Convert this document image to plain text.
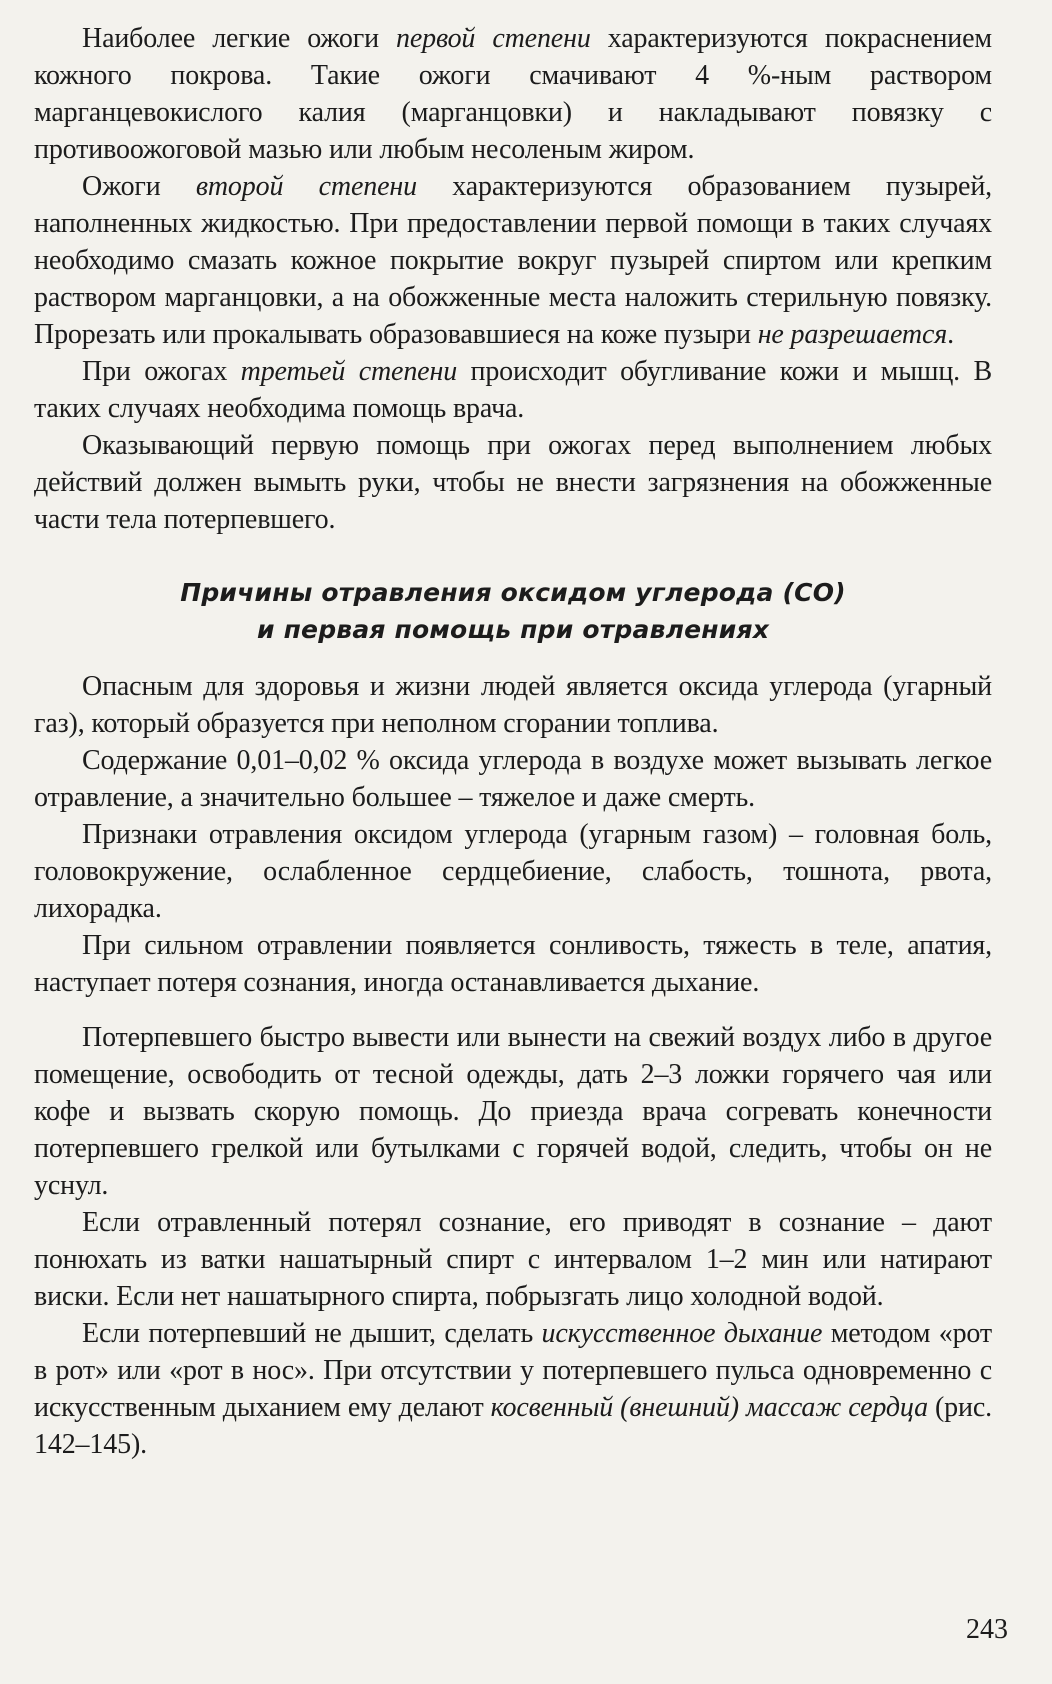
Наиболее легкие ожоги первой степени характеризуются покраснением кожного покрова. Такие ожоги смачивают 4 %-ным раствором марганцевокислого калия (марганцовки) и накладывают повязку с противоожоговой мазью или любым несоленым жиром.

Ожоги второй степени характеризуются образованием пузырей, наполненных жидкостью. При предоставлении первой помощи в таких случаях необходимо смазать кожное покрытие вокруг пузырей спиртом или крепким раствором марганцовки, а на обожженные места наложить стерильную повязку. Прорезать или прокалывать образовавшиеся на коже пузыри не разрешается.

При ожогах третьей степени происходит обугливание кожи и мышц. В таких случаях необходима помощь врача.

Оказывающий первую помощь при ожогах перед выполнением любых действий должен вымыть руки, чтобы не внести загрязнения на обожженные части тела потерпевшего.

Причины отравления оксидом углерода (СО)
и первая помощь при отравлениях

Опасным для здоровья и жизни людей является оксида углерода (угарный газ), который образуется при неполном сгорании топлива.

Содержание 0,01–0,02 % оксида углерода в воздухе может вызывать легкое отравление, а значительно большее – тяжелое и даже смерть.

Признаки отравления оксидом углерода (угарным газом) – головная боль, головокружение, ослабленное сердцебиение, слабость, тошнота, рвота, лихорадка.

При сильном отравлении появляется сонливость, тяжесть в теле, апатия, наступает потеря сознания, иногда останавливается дыхание.

Потерпевшего быстро вывести или вынести на свежий воздух либо в другое помещение, освободить от тесной одежды, дать 2–3 ложки горячего чая или кофе и вызвать скорую помощь. До приезда врача согревать конечности потерпевшего грелкой или бутылками с горячей водой, следить, чтобы он не уснул.

Если отравленный потерял сознание, его приводят в сознание – дают понюхать из ватки нашатырный спирт с интервалом 1–2 мин или натирают виски. Если нет нашатырного спирта, побрызгать лицо холодной водой.

Если потерпевший не дышит, сделать искусственное дыхание методом «рот в рот» или «рот в нос». При отсутствии у потерпевшего пульса одновременно с искусственным дыханием ему делают косвенный (внешний) массаж сердца (рис. 142–145).

243
